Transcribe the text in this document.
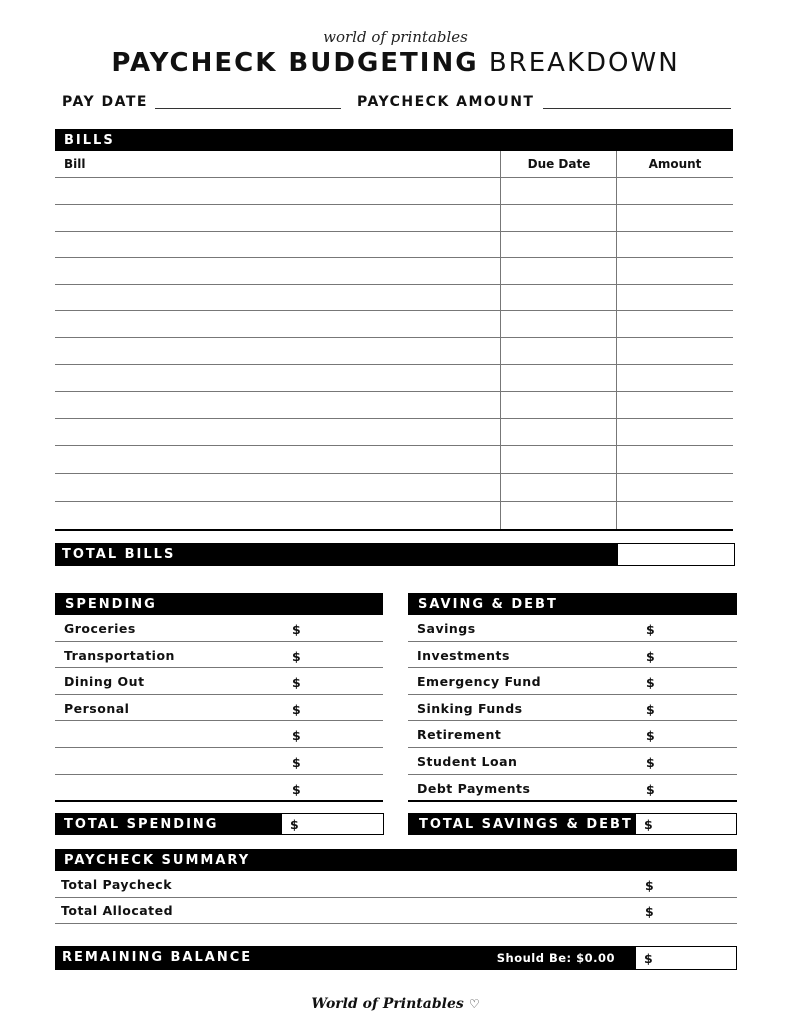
world of printables
PAYCHECK BUDGETING BREAKDOWN
PAY DATE	PAYCHECK AMOUNT
BILLS
Bill	Due Date	Amount
TOTAL BILLS
SPENDING
Groceries	$
Transportation	$
Dining Out	$
Personal	$
$
$
$
TOTAL SPENDING	$
SAVING & DEBT
Savings	$
Investments	$
Emergency Fund	$
Sinking Funds	$
Retirement	$
Student Loan	$
Debt Payments	$
TOTAL SAVINGS & DEBT $
PAYCHECK SUMMARY
Total Paycheck	$
Total Allocated	$
REMAINING BALANCE	Should Be: $0.00 $
World of Printables ♡
